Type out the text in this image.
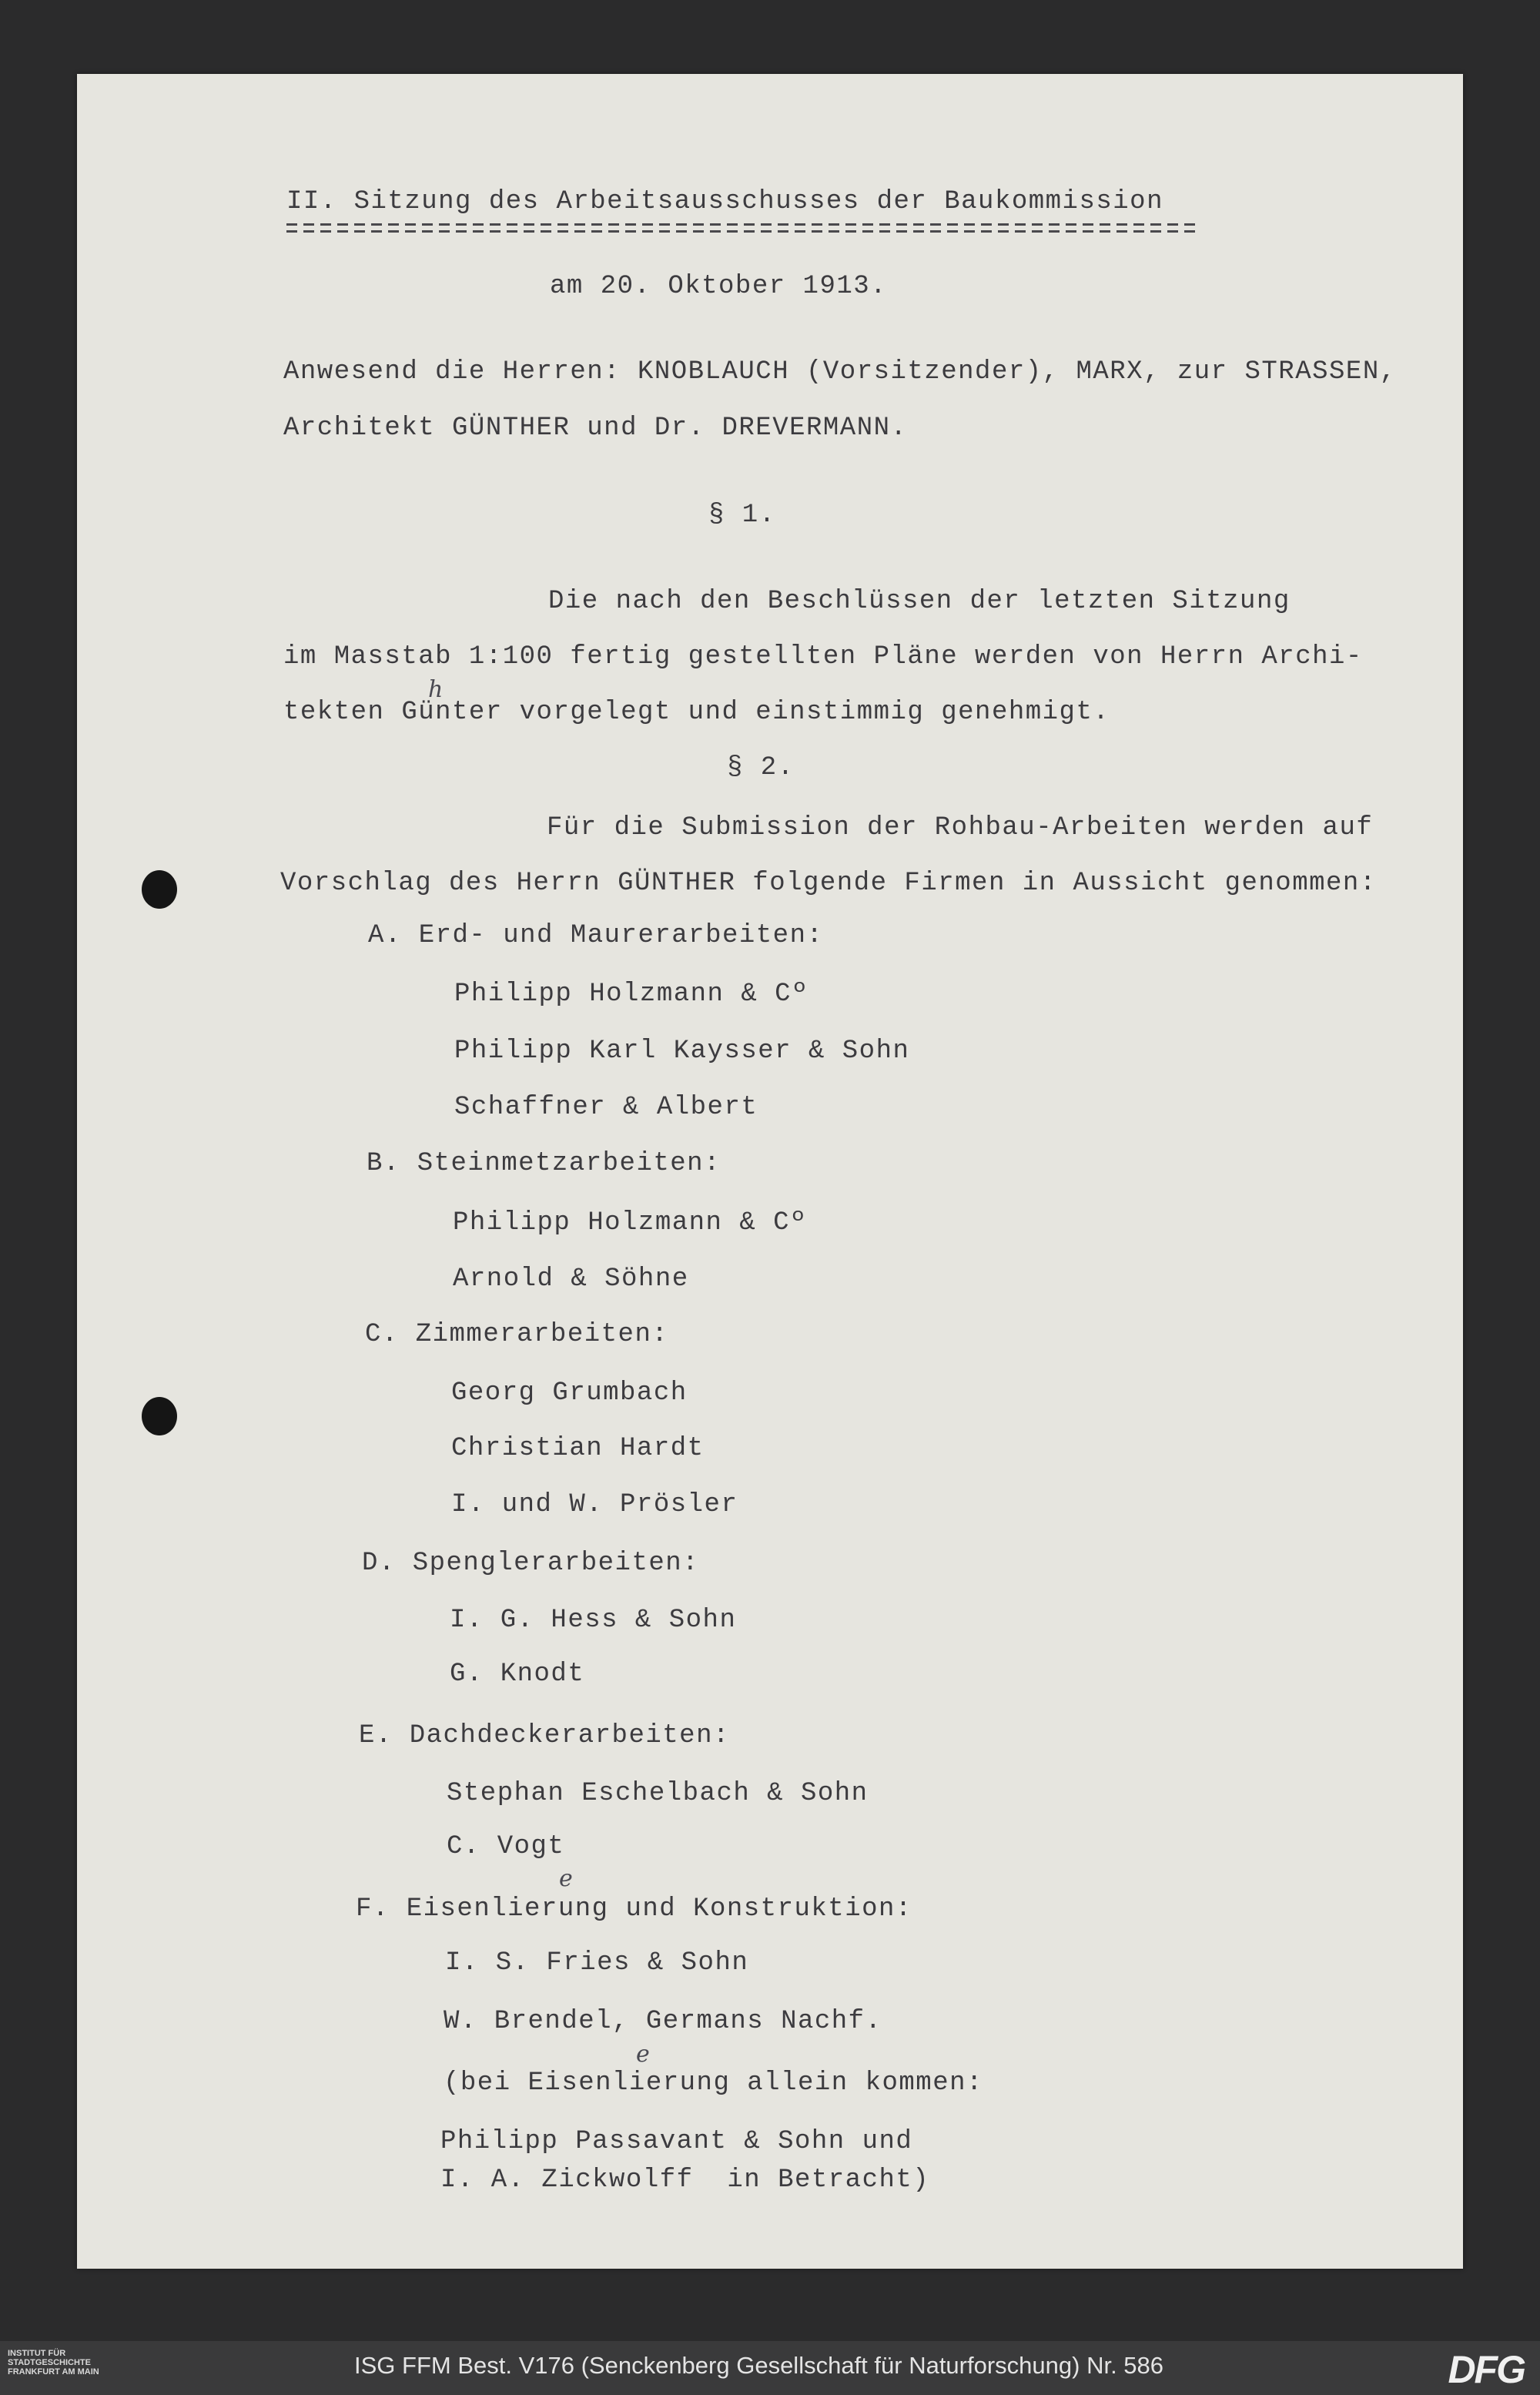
II. Sitzung des Arbeitsausschusses der Baukommission
am 20. Oktober 1913.
Anwesend die Herren: KNOBLAUCH (Vorsitzender), MARX, zur STRASSEN,
Architekt GÜNTHER und Dr. DREVERMANN.
§ 1.
Die nach den Beschlüssen der letzten Sitzung
im Masstab 1:100 fertig gestellten Pläne werden von Herrn Archi-
tekten Günter vorgelegt und einstimmig genehmigt.
h
§ 2.
Für die Submission der Rohbau-Arbeiten werden auf
Vorschlag des Herrn GÜNTHER folgende Firmen in Aussicht genommen:
A. Erd- und Maurerarbeiten:
Philipp Holzmann & Cº
Philipp Karl Kaysser & Sohn
Schaffner & Albert
B. Steinmetzarbeiten:
Philipp Holzmann & Cº
Arnold & Söhne
C. Zimmerarbeiten:
Georg Grumbach
Christian Hardt
I. und W. Prösler
D. Spenglerarbeiten:
I. G. Hess & Sohn
G. Knodt
E. Dachdeckerarbeiten:
Stephan Eschelbach & Sohn
C. Vogt
F. Eisenlierung und Konstruktion:
e
I. S. Fries & Sohn
W. Brendel, Germans Nachf.
(bei Eisenlierung allein kommen:
e
Philipp Passavant & Sohn und
I. A. Zickwolff  in Betracht)
INSTITUT FÜR STADTGESCHICHTE FRANKFURT AM MAIN	ISG FFM Best. V176 (Senckenberg Gesellschaft für Naturforschung) Nr. 586	DFG
